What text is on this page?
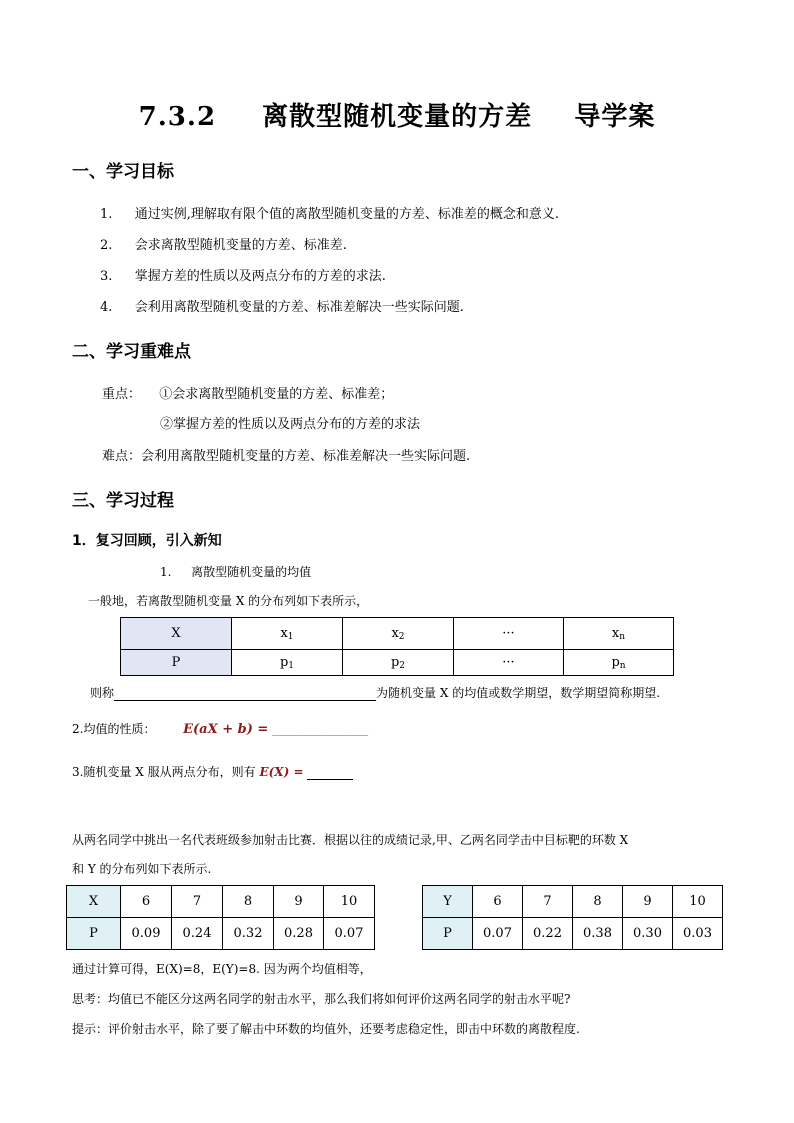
7.3.2 离散型随机变量的方差 导学案
一、学习目标
1. 通过实例,理解取有限个值的离散型随机变量的方差、标准差的概念和意义.
2. 会求离散型随机变量的方差、标准差.
3. 掌握方差的性质以及两点分布的方差的求法.
4. 会利用离散型随机变量的方差、标准差解决一些实际问题.
二、学习重难点
重点： ①会求离散型随机变量的方差、标准差；
②掌握方差的性质以及两点分布的方差的求法
难点：会利用离散型随机变量的方差、标准差解决一些实际问题.
三、学习过程
1．复习回顾，引入新知
1. 离散型随机变量的均值
一般地，若离散型随机变量 X 的分布列如下表所示，
X	$x_1$	$x_2$	···	$x_n$
P	$p_1$	$p_2$	···	$p_n$
则称	为随机变量 X 的均值或数学期望，数学期望简称期望.
2.均值的性质： E(aX + b) = ________________
3.随机变量 X 服从两点分布，则有 E(X) =
从两名同学中挑出一名代表班级参加射击比赛．根据以往的成绩记录,甲、乙两名同学击中目标靶的环数 X
和 Y 的分布列如下表所示.
X	6	7	8	9	10
P	0.09	0.24	0.32	0.28	0.07
Y	6	7	8	9	10
P	0.07	0.22	0.38	0.30	0.03
通过计算可得，E(X)=8，E(Y)=8. 因为两个均值相等，
思考：均值已不能区分这两名同学的射击水平，那么我们将如何评价这两名同学的射击水平呢?
提示：评价射击水平，除了要了解击中环数的均值外，还要考虑稳定性，即击中环数的离散程度.
